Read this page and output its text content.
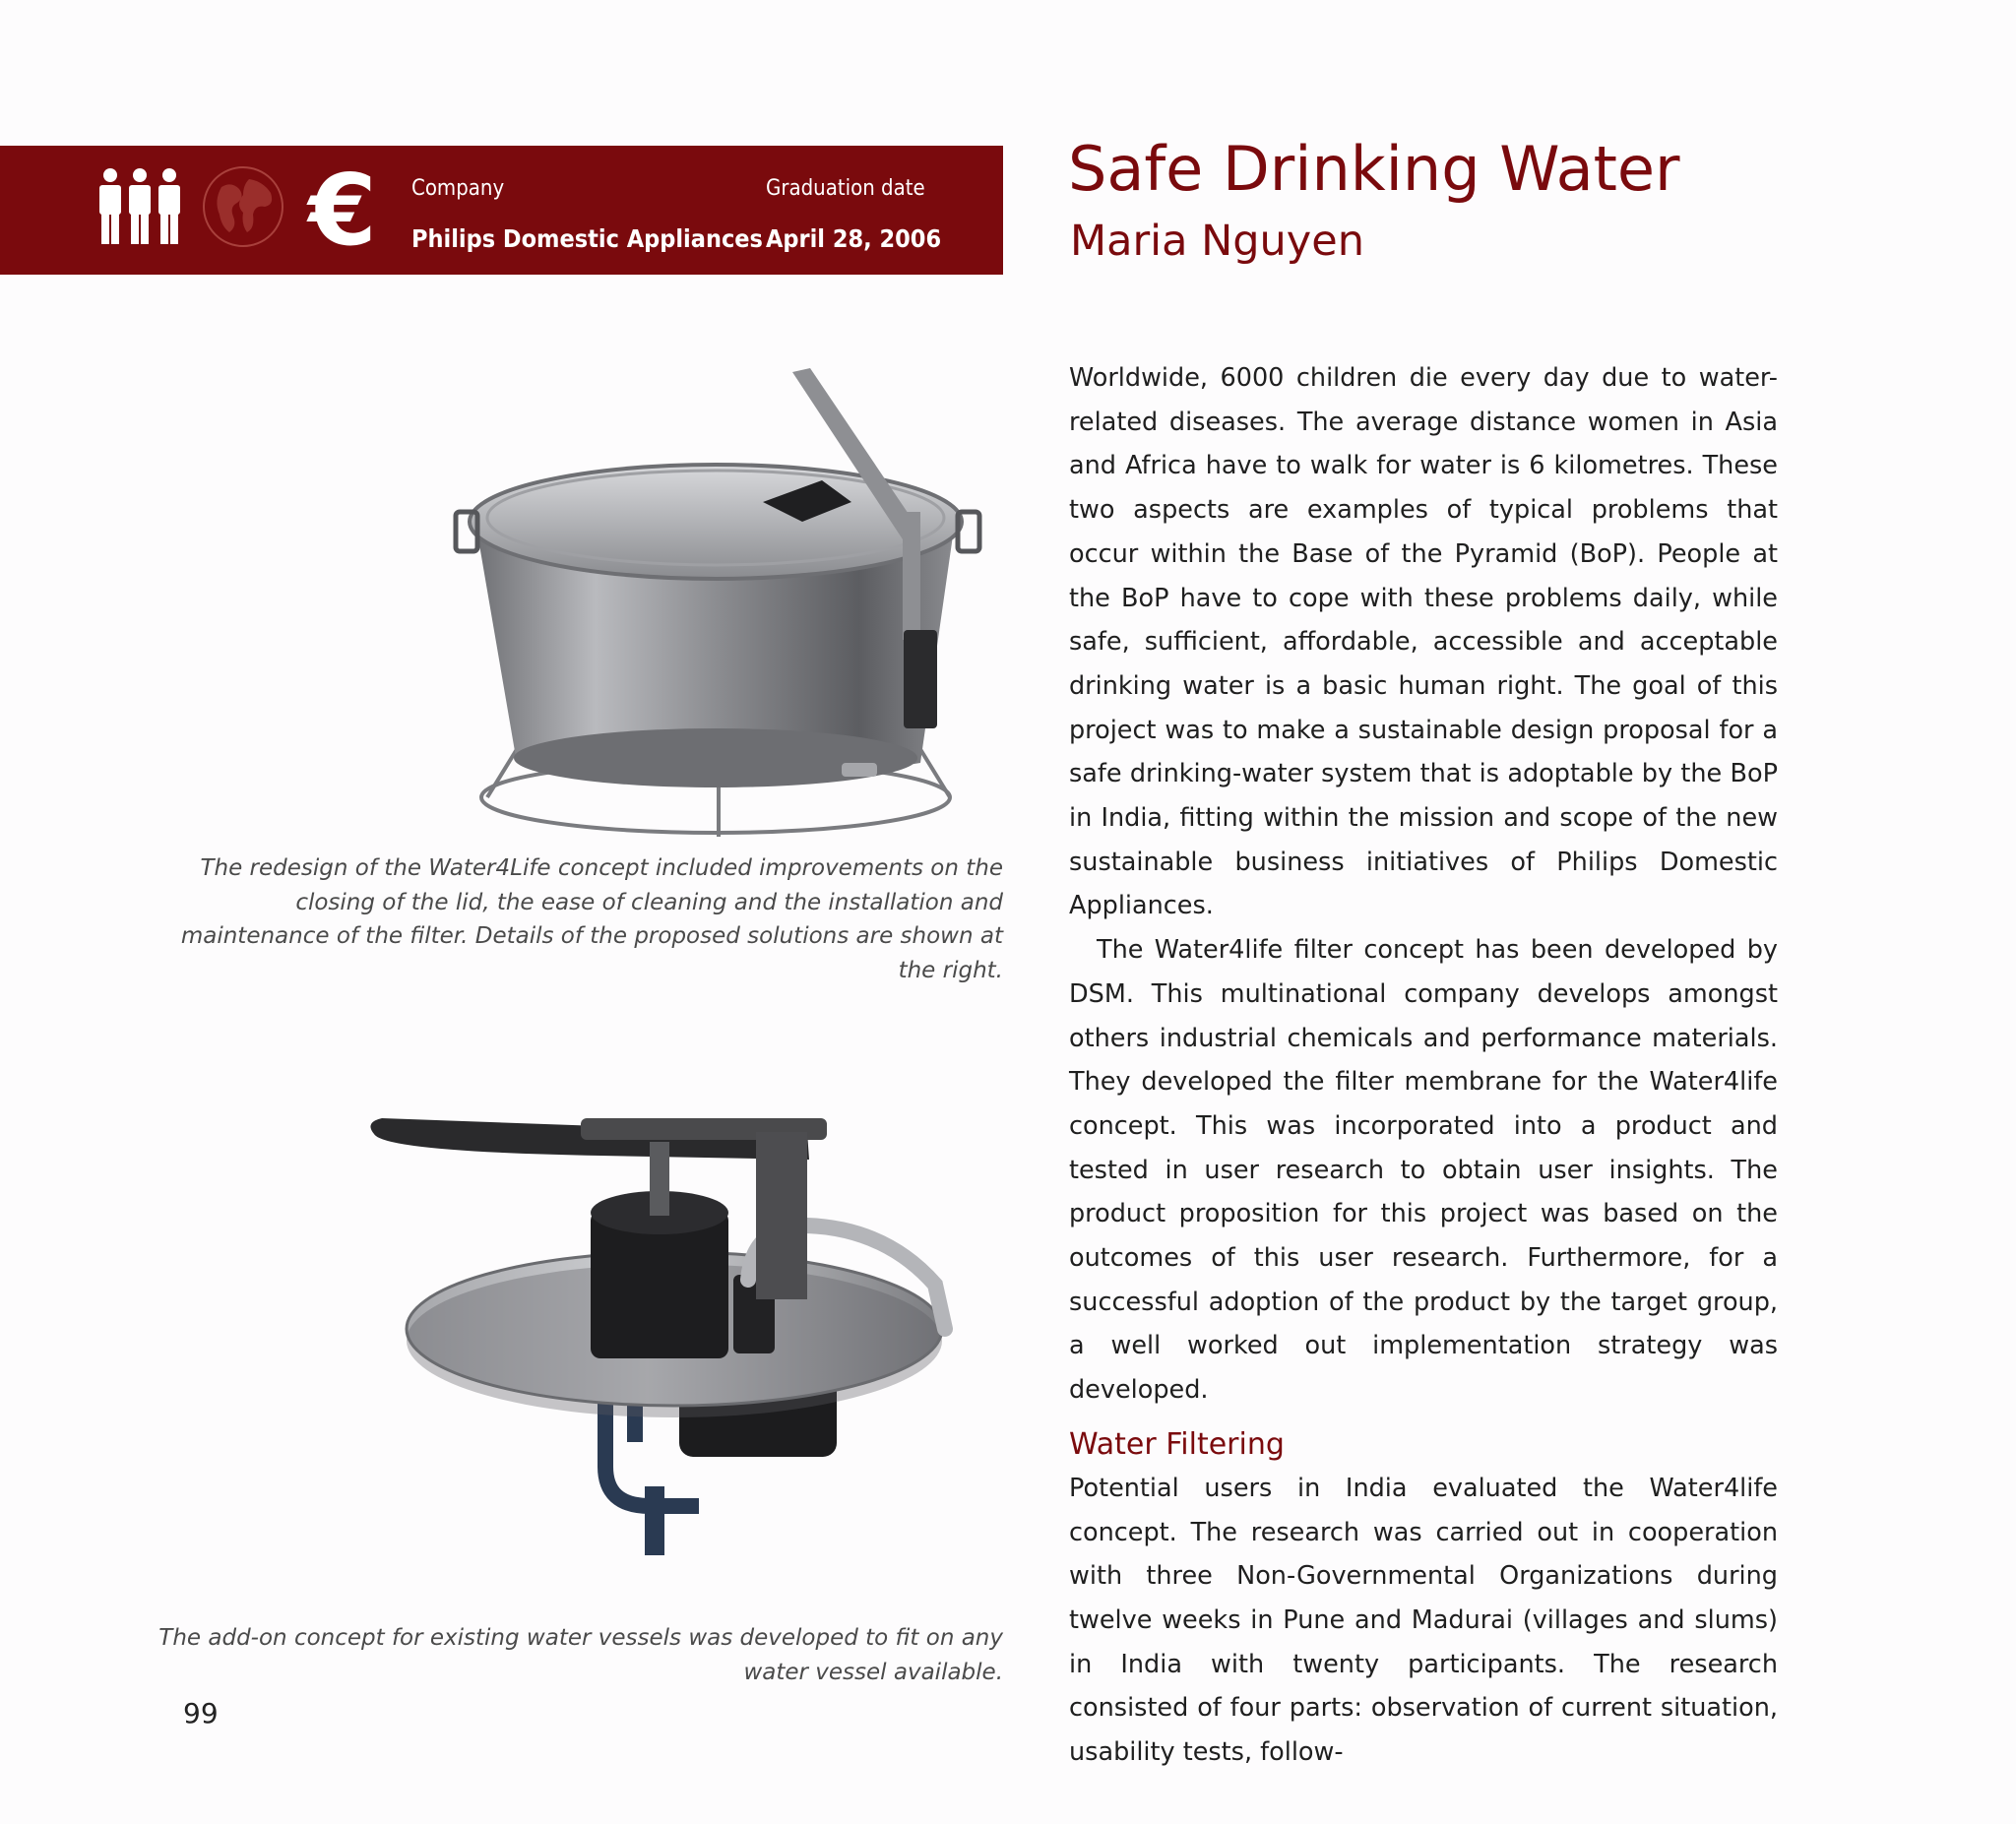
€ Company	Graduation date
Philips Domestic Appliances April 28, 2006
Safe Drinking Water
Maria Nguyen
The redesign of the Water4Life concept included improvements on the closing of the lid, the ease of cleaning and the installation and maintenance of the filter. Details of the proposed solutions are shown at the right.
The add-on concept for existing water vessels was developed to fit on any water vessel available.

Worldwide, 6000 children die every day due to water-related diseases. The average distance women in Asia and Africa have to walk for water is 6 kilometres. These two aspects are examples of typical problems that occur within the Base of the Pyramid (BoP). People at the BoP have to cope with these problems daily, while safe, sufficient, affordable, accessible and acceptable drinking water is a basic human right. The goal of this project was to make a sustainable design proposal for a safe drinking-water system that is adoptable by the BoP in India, fitting within the mission and scope of the new sustainable business initiatives of Philips Domestic Appliances.

The Water4life filter concept has been developed by DSM. This multinational company develops amongst others industrial chemicals and performance materials. They developed the filter membrane for the Water4life concept. This was incorporated into a product and tested in user research to obtain user insights. The product proposition for this project was based on the outcomes of this user research. Furthermore, for a successful adoption of the product by the target group, a well worked out implementation strategy was developed.

Water Filtering

Potential users in India evaluated the Water4life concept. The research was carried out in cooperation with three Non-Governmental Organizations during twelve weeks in Pune and Madurai (villages and slums) in India with twenty participants. The research consisted of four parts: observation of current situation, usability tests, follow-

99
